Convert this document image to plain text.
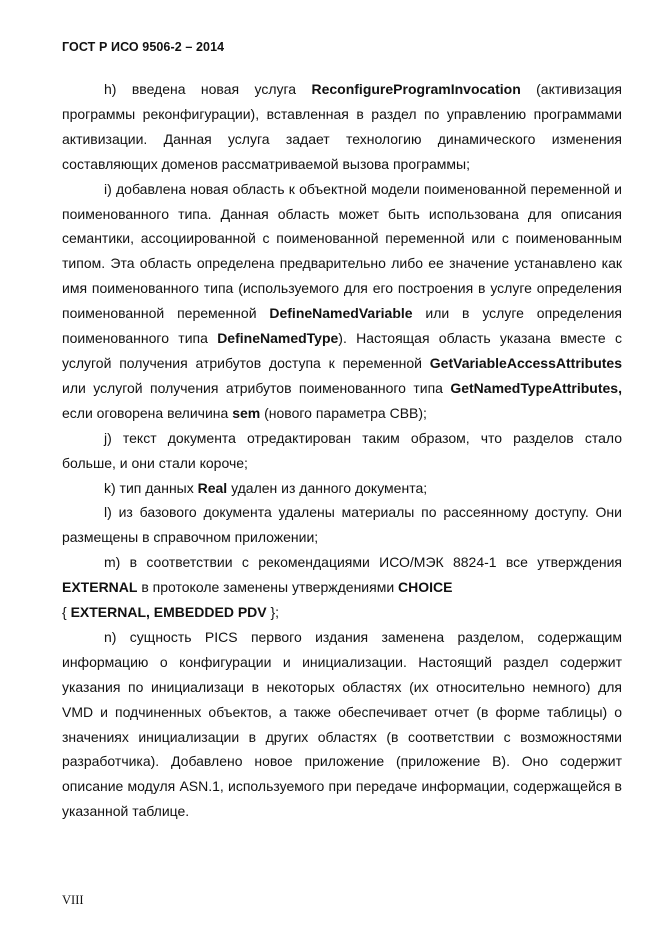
ГОСТ Р ИСО 9506-2 – 2014

h) введена новая услуга ReconfigureProgramInvocation (активизация программы реконфигурации), вставленная в раздел по управлению программами активизации. Данная услуга задает технологию динамического изменения составляющих доменов рассматриваемой вызова программы;

i) добавлена новая область к объектной модели поименованной переменной и поименованного типа. Данная область может быть использована для описания семантики, ассоциированной с поименованной переменной или с поименованным типом. Эта область определена предварительно либо ее значение устанавлено как имя поименованного типа (используемого для его построения в услуге определения поименованной переменной DefineNamedVariable или в услуге определения поименованного типа DefineNamedType). Настоящая область указана вместе с услугой получения атрибутов доступа к переменной GetVariableAccessAttributes или услугой получения атрибутов поименованного типа GetNamedTypeAttributes, если оговорена величина sem (нового параметра СВВ);

j) текст документа отредактирован таким образом, что разделов стало больше, и они стали короче;

k) тип данных Real удален из данного документа;

l) из базового документа удалены материалы по рассеянному доступу. Они размещены в справочном приложении;

m) в соответствии с рекомендациями ИСО/МЭК 8824-1 все утверждения EXTERNAL в протоколе заменены утверждениями CHOICE
{ EXTERNAL, EMBEDDED PDV };

n) сущность PICS первого издания заменена разделом, содержащим информацию о конфигурации и инициализации. Настоящий раздел содержит указания по инициализаци в некоторых областях (их относительно немного) для VMD и подчиненных объектов, а также обеспечивает отчет (в форме таблицы) о значениях инициализации в других областях (в соответствии с возможностями разработчика). Добавлено новое приложение (приложение В). Оно содержит описание модуля ASN.1, используемого при передаче информации, содержащейся в указанной таблице.

VIII
